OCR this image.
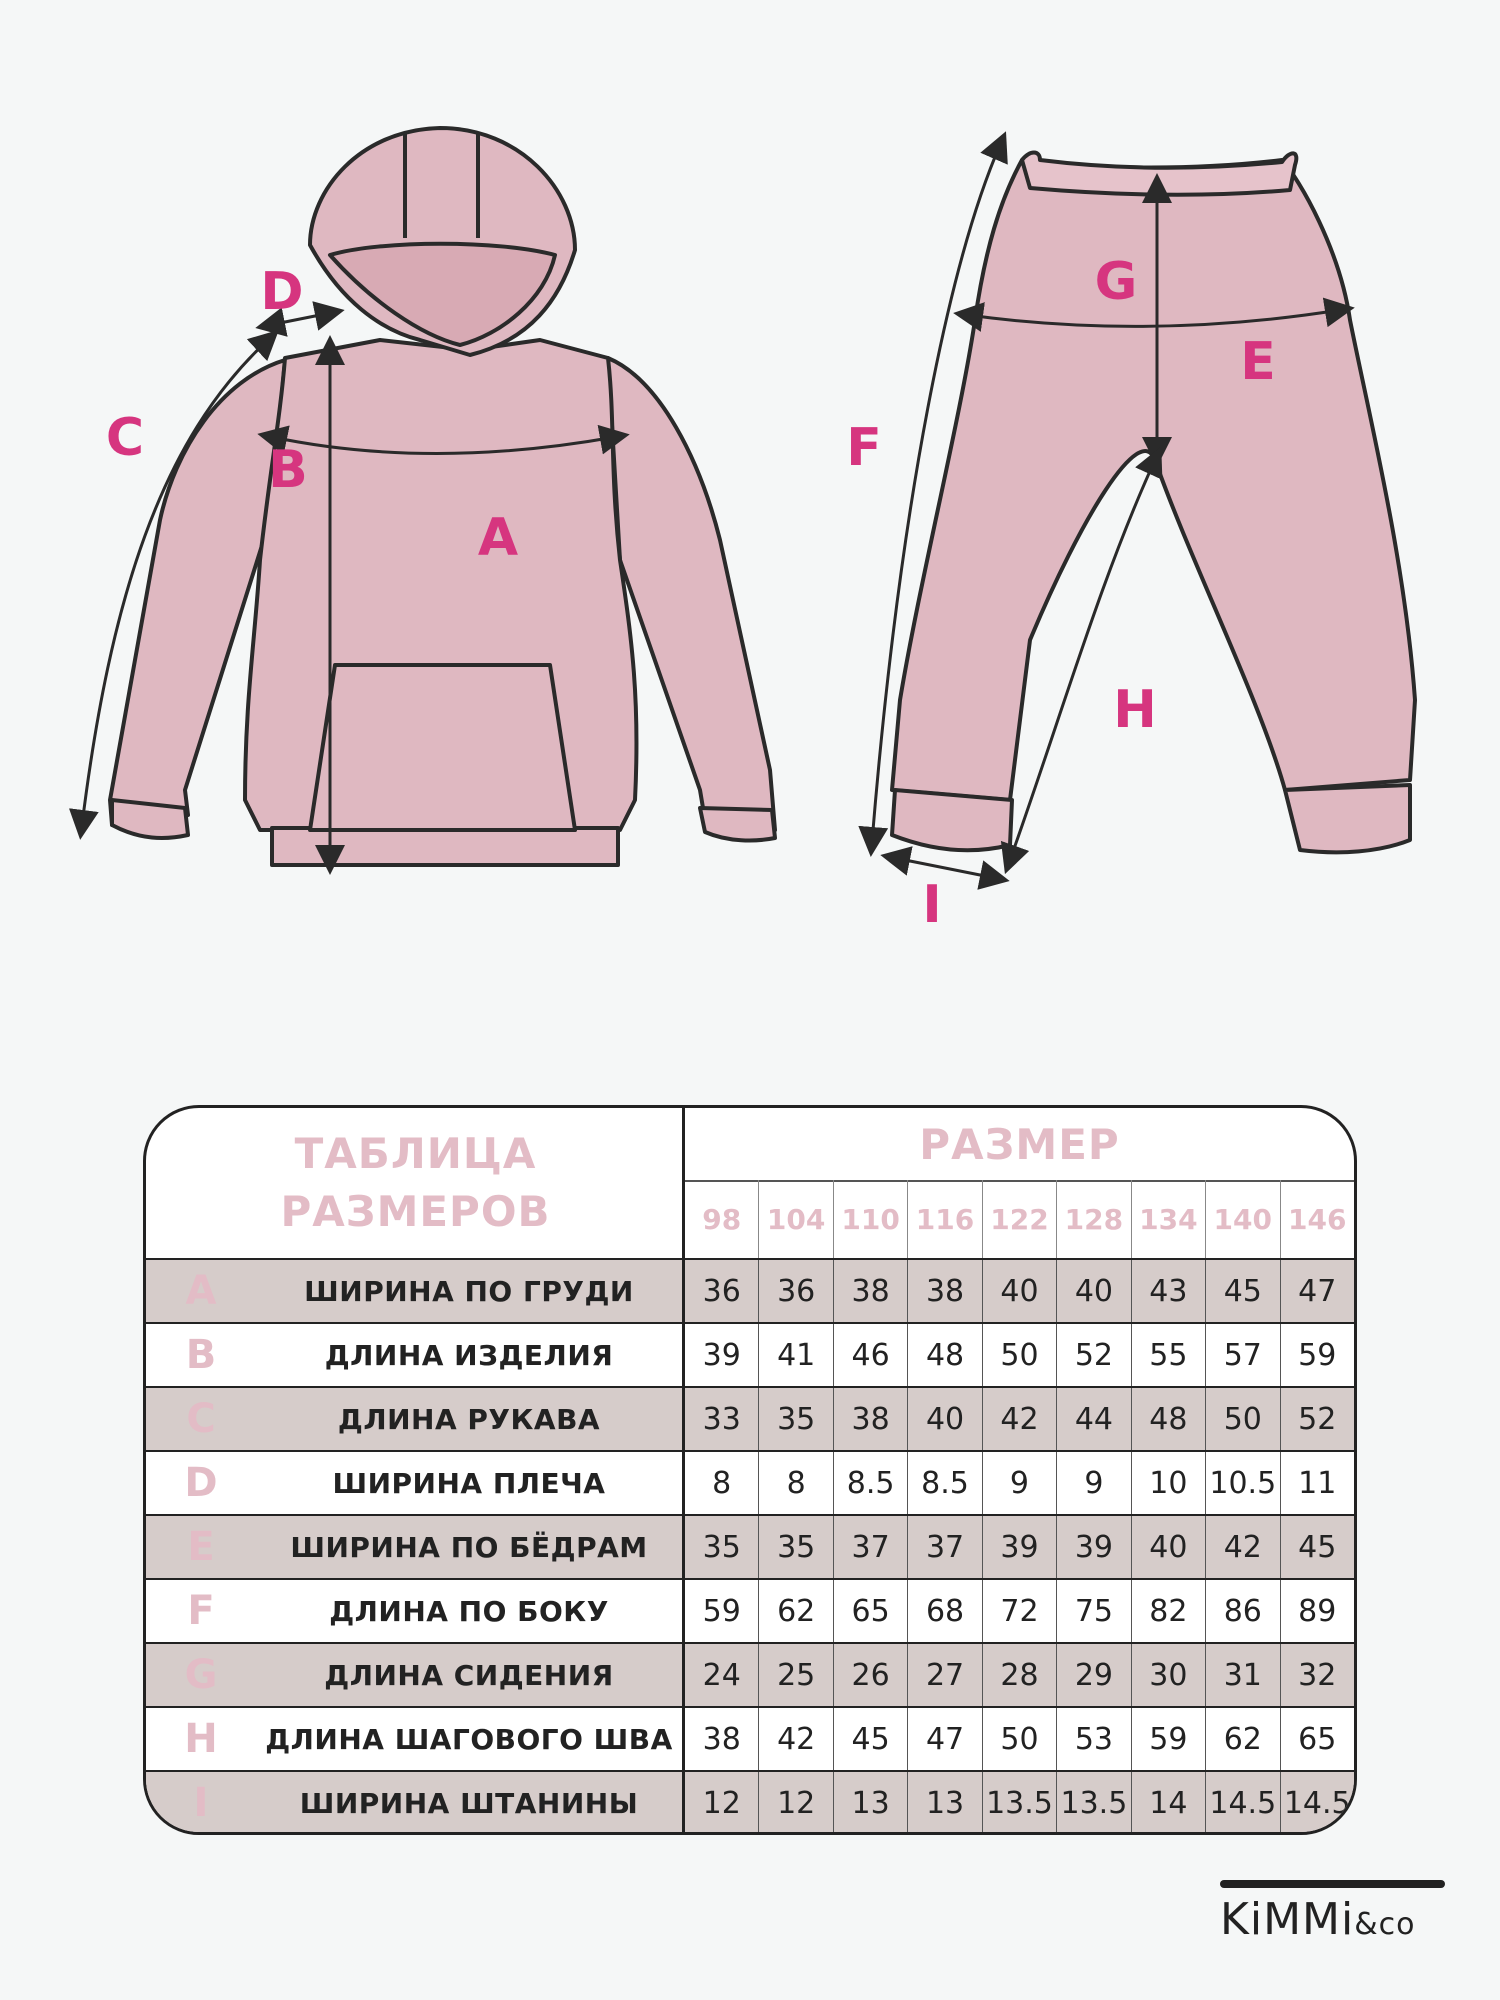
A
B
C
D
E
F
G
H
I
ТАБЛИЦА
РАЗМЕРОВ
РАЗМЕР
98 104 110 116 122 128 134 140 146
A	ШИРИНА ПО ГРУДИ	36	36	38	38	40	40	43	45	47
B	ДЛИНА ИЗДЕЛИЯ	39	41	46	48	50	52	55	57	59
C	ДЛИНА РУКАВА	33	35	38	40	42	44	48	50	52
D	ШИРИНА ПЛЕЧА	8	8	8.5 8.5	9	9	10 10.5 11
E	ШИРИНА ПО БЁДРАМ	35	35	37	37	39	39	40	42	45
F	ДЛИНА ПО БОКУ	59	62	65	68	72	75	82	86	89
G	ДЛИНА СИДЕНИЯ	24	25	26	27	28	29	30	31	32
H	ДЛИНА ШАГОВОГО ШВА 38	42	45	47	50	53	59	62	65
I	ШИРИНА ШТАНИНЫ	12	12	13	13 13.5 13.5 14 14.5 14.5
KiMMi&co
